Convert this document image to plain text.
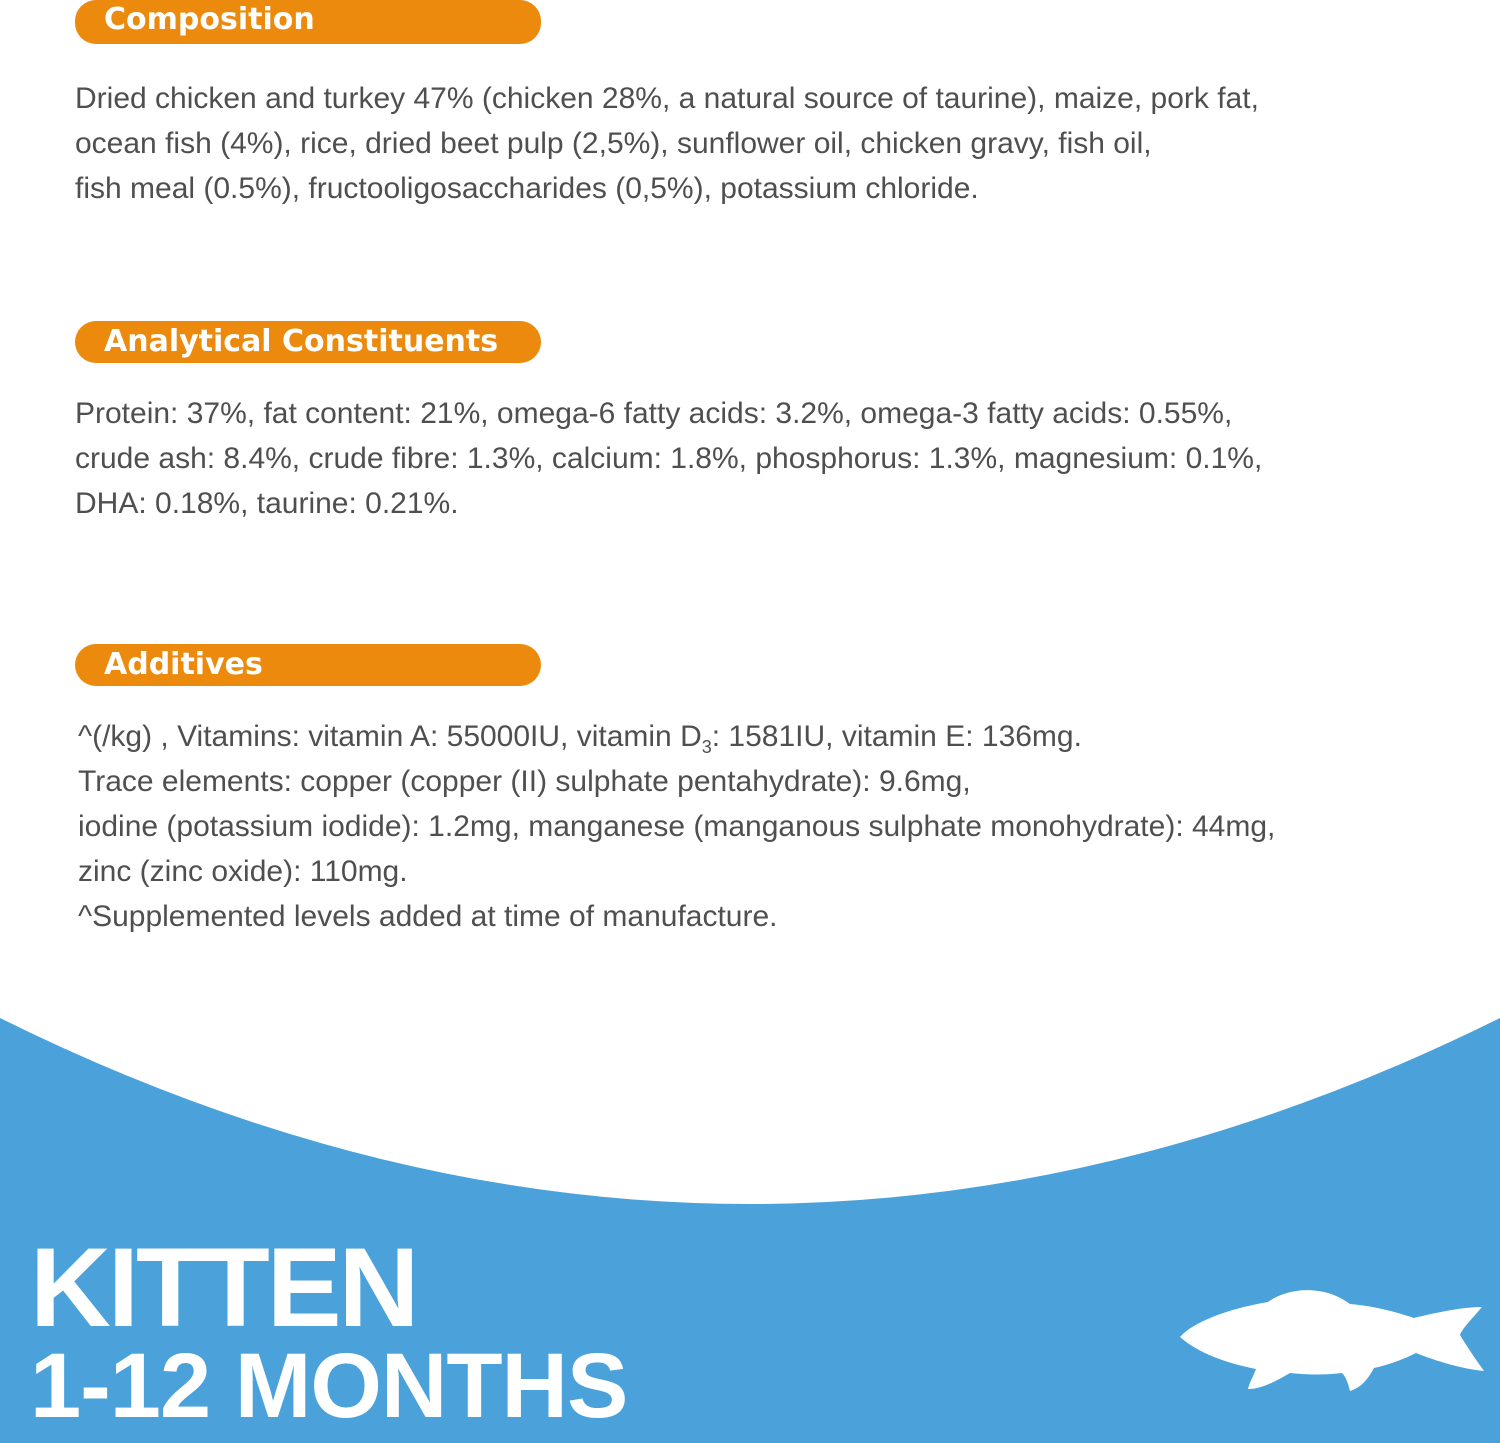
Composition

Dried chicken and turkey 47% (chicken 28%, a natural source of taurine), maize, pork fat,
ocean fish (4%), rice, dried beet pulp (2,5%), sunflower oil, chicken gravy, fish oil,
fish meal (0.5%), fructooligosaccharides (0,5%), potassium chloride.

Analytical Constituents

Protein: 37%, fat content: 21%, omega-6 fatty acids: 3.2%, omega-3 fatty acids: 0.55%,
crude ash: 8.4%, crude fibre: 1.3%, calcium: 1.8%, phosphorus: 1.3%, magnesium: 0.1%,
DHA: 0.18%, taurine: 0.21%.

Additives

^(/kg) , Vitamins: vitamin A: 55000IU, vitamin $D_3$: 1581IU, vitamin E: 136mg.
Trace elements: copper (copper (II) sulphate pentahydrate): 9.6mg,
iodine (potassium iodide): 1.2mg, manganese (manganous sulphate monohydrate): 44mg,
zinc (zinc oxide): 110mg.
^Supplemented levels added at time of manufacture.

KITTEN
1-12 MONTHS
